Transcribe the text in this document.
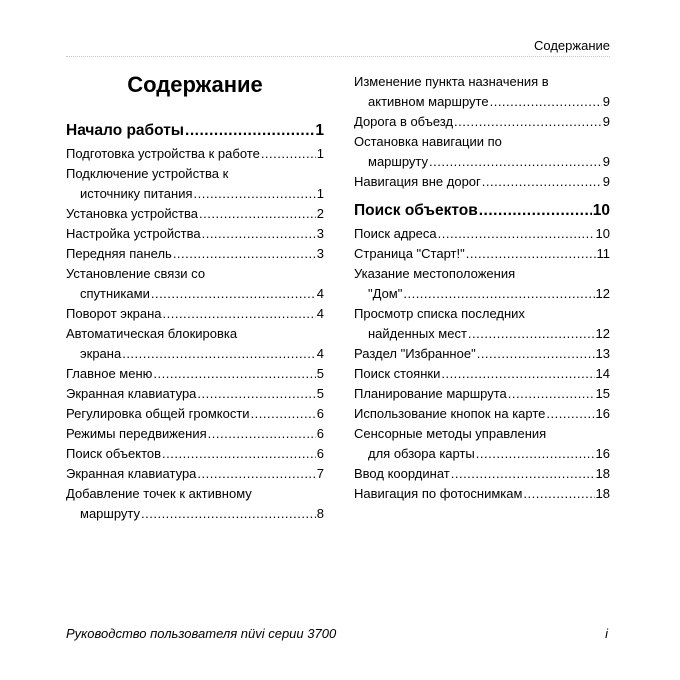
Содержание
Содержание
Начало работы .....	1
Подготовка устройства к работе .....	1
Подключение устройства к
источнику питания .....	1
Установка устройства .....	2
Настройка устройства .....	3
Передняя панель .....	3
Установление связи со
спутниками .....	4
Поворот экрана .....	4
Автоматическая блокировка
экрана .....	4
Главное меню .....	5
Экранная клавиатура .....	5
Регулировка общей громкости .....	6
Режимы передвижения .....	6
Поиск объектов .....	6
Экранная клавиатура .....	7
Добавление точек к активному
маршруту .....	8
Изменение пункта назначения в
активном маршруте .....	9
Дорога в объезд .....	9
Остановка навигации по
маршруту .....	9
Навигация вне дорог .....	9
Поиск объектов .....	10
Поиск адреса .....	10
Страница "Старт!" .....	11
Указание местоположения
"Дом" .....	12
Просмотр списка последних
найденных мест .....	12
Раздел "Избранное" .....	13
Поиск стоянки .....	14
Планирование маршрута .....	15
Использование кнопок на карте .....	16
Сенсорные методы управления
для обзора карты .....	16
Ввод координат .....	18
Навигация по фотоснимкам .....	18
Руководство пользователя nüvi серии 3700	i
